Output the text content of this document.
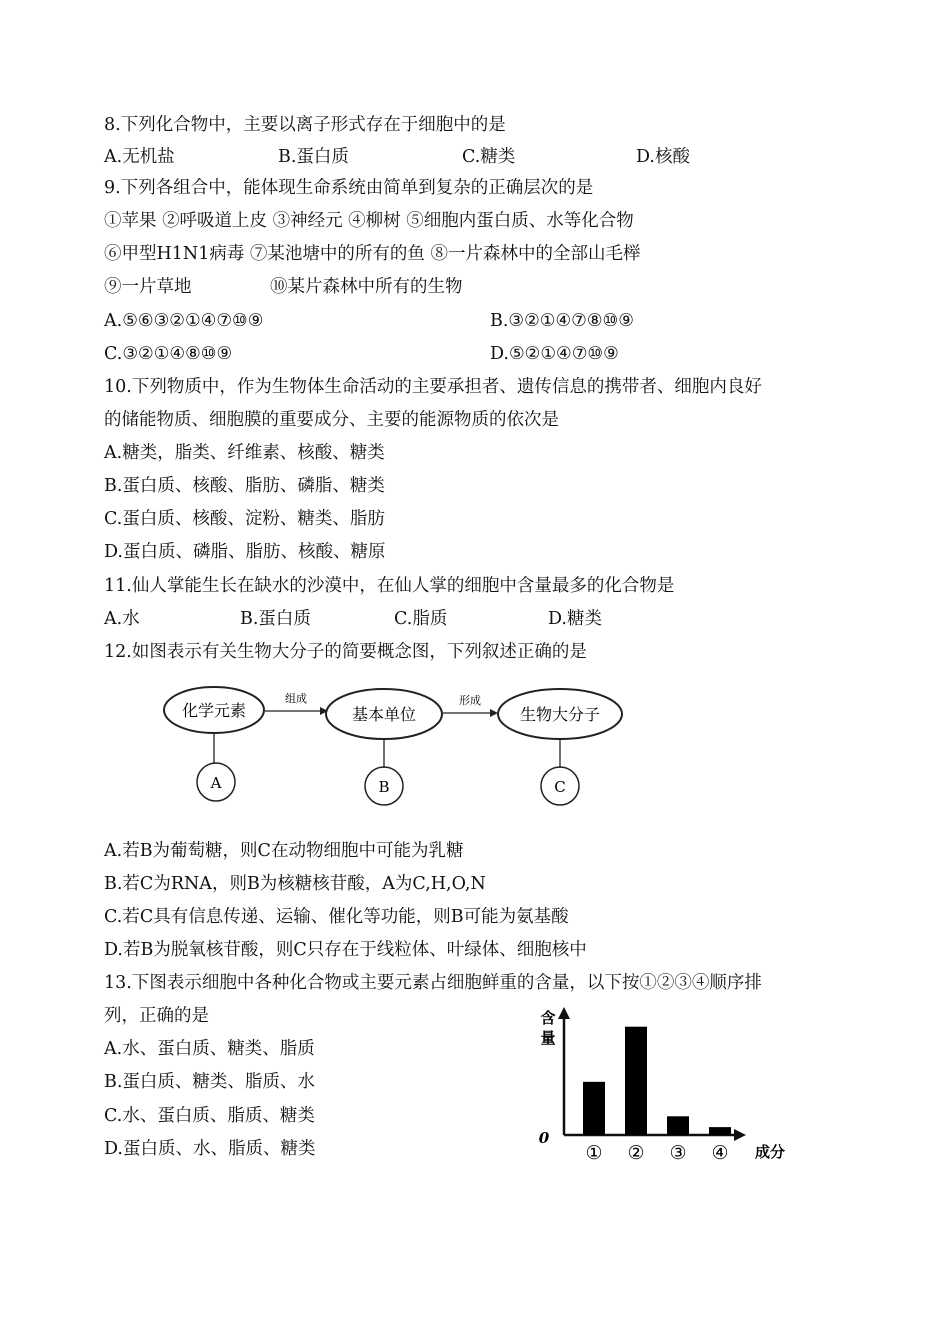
8.下列化合物中，主要以离子形式存在于细胞中的是
A.无机盐	B.蛋白质	C.糖类	D.核酸
9.下列各组合中，能体现生命系统由简单到复杂的正确层次的是
①苹果 ②呼吸道上皮 ③神经元 ④柳树 ⑤细胞内蛋白质、水等化合物
⑥甲型H1N1病毒 ⑦某池塘中的所有的鱼 ⑧一片森林中的全部山毛榉
⑨一片草地	⑩某片森林中所有的生物
A.⑤⑥③②①④⑦⑩⑨	B.③②①④⑦⑧⑩⑨
C.③②①④⑧⑩⑨	D.⑤②①④⑦⑩⑨
10.下列物质中，作为生物体生命活动的主要承担者、遗传信息的携带者、细胞内良好
的储能物质、细胞膜的重要成分、主要的能源物质的依次是
A.糖类，脂类、纤维素、核酸、糖类
B.蛋白质、核酸、脂肪、磷脂、糖类
C.蛋白质、核酸、淀粉、糖类、脂肪
D.蛋白质、磷脂、脂肪、核酸、糖原
11.仙人掌能生长在缺水的沙漠中，在仙人掌的细胞中含量最多的化合物是
A.水	B.蛋白质	C.脂质	D.糖类
12.如图表示有关生物大分子的简要概念图，下列叙述正确的是
化学元素	基本单位	生物大分子
组成	形成
A	B	C
A.若B为葡萄糖，则C在动物细胞中可能为乳糖
B.若C为RNA，则B为核糖核苷酸，A为C,H,O,N
C.若C具有信息传递、运输、催化等功能，则B可能为氨基酸
D.若B为脱氧核苷酸，则C只存在于线粒体、叶绿体、细胞核中
13.下图表示细胞中各种化合物或主要元素占细胞鲜重的含量，以下按①②③④顺序排
列，正确的是
A.水、蛋白质、糖类、脂质
B.蛋白质、糖类、脂质、水
C.水、蛋白质、脂质、糖类
D.蛋白质、水、脂质、糖类
含
量
0
成分
① ② ③ ④
